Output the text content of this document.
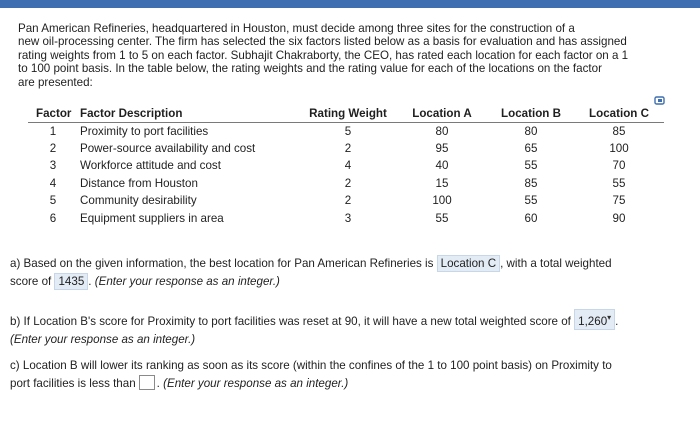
Pan American Refineries, headquartered in Houston, must decide among three sites for the construction of a

new oil-processing center. The firm has selected the six factors listed below as a basis for evaluation and has assigned

rating weights from 1 to 5 on each factor. Subhajit Chakraborty, the CEO, has rated each location for each factor on a 1

to 100 point basis. In the table below, the rating weights and the rating value for each of the locations on the factor

are presented:

Factor	Factor Description	Rating Weight	Location A	Location B	Location C
1	Proximity to port facilities	5	80	80	85
2	Power-source availability and cost	2	95	65	100
3	Workforce attitude and cost	4	40	55	70
4	Distance from Houston	2	15	85	55
5	Community desirability	2	100	55	75
6	Equipment suppliers in area	3	55	60	90

a) Based on the given information, the best location for Pan American Refineries is Location C , with a total weighted

score of 1435 . (Enter your response as an integer.)

b) If Location B's score for Proximity to port facilities was reset at 90, it will have a new total weighted score of 1,260▾ .

(Enter your response as an integer.)

c) Location B will lower its ranking as soon as its score (within the confines of the 1 to 100 point basis) on Proximity to

port facilities is less than . (Enter your response as an integer.)
